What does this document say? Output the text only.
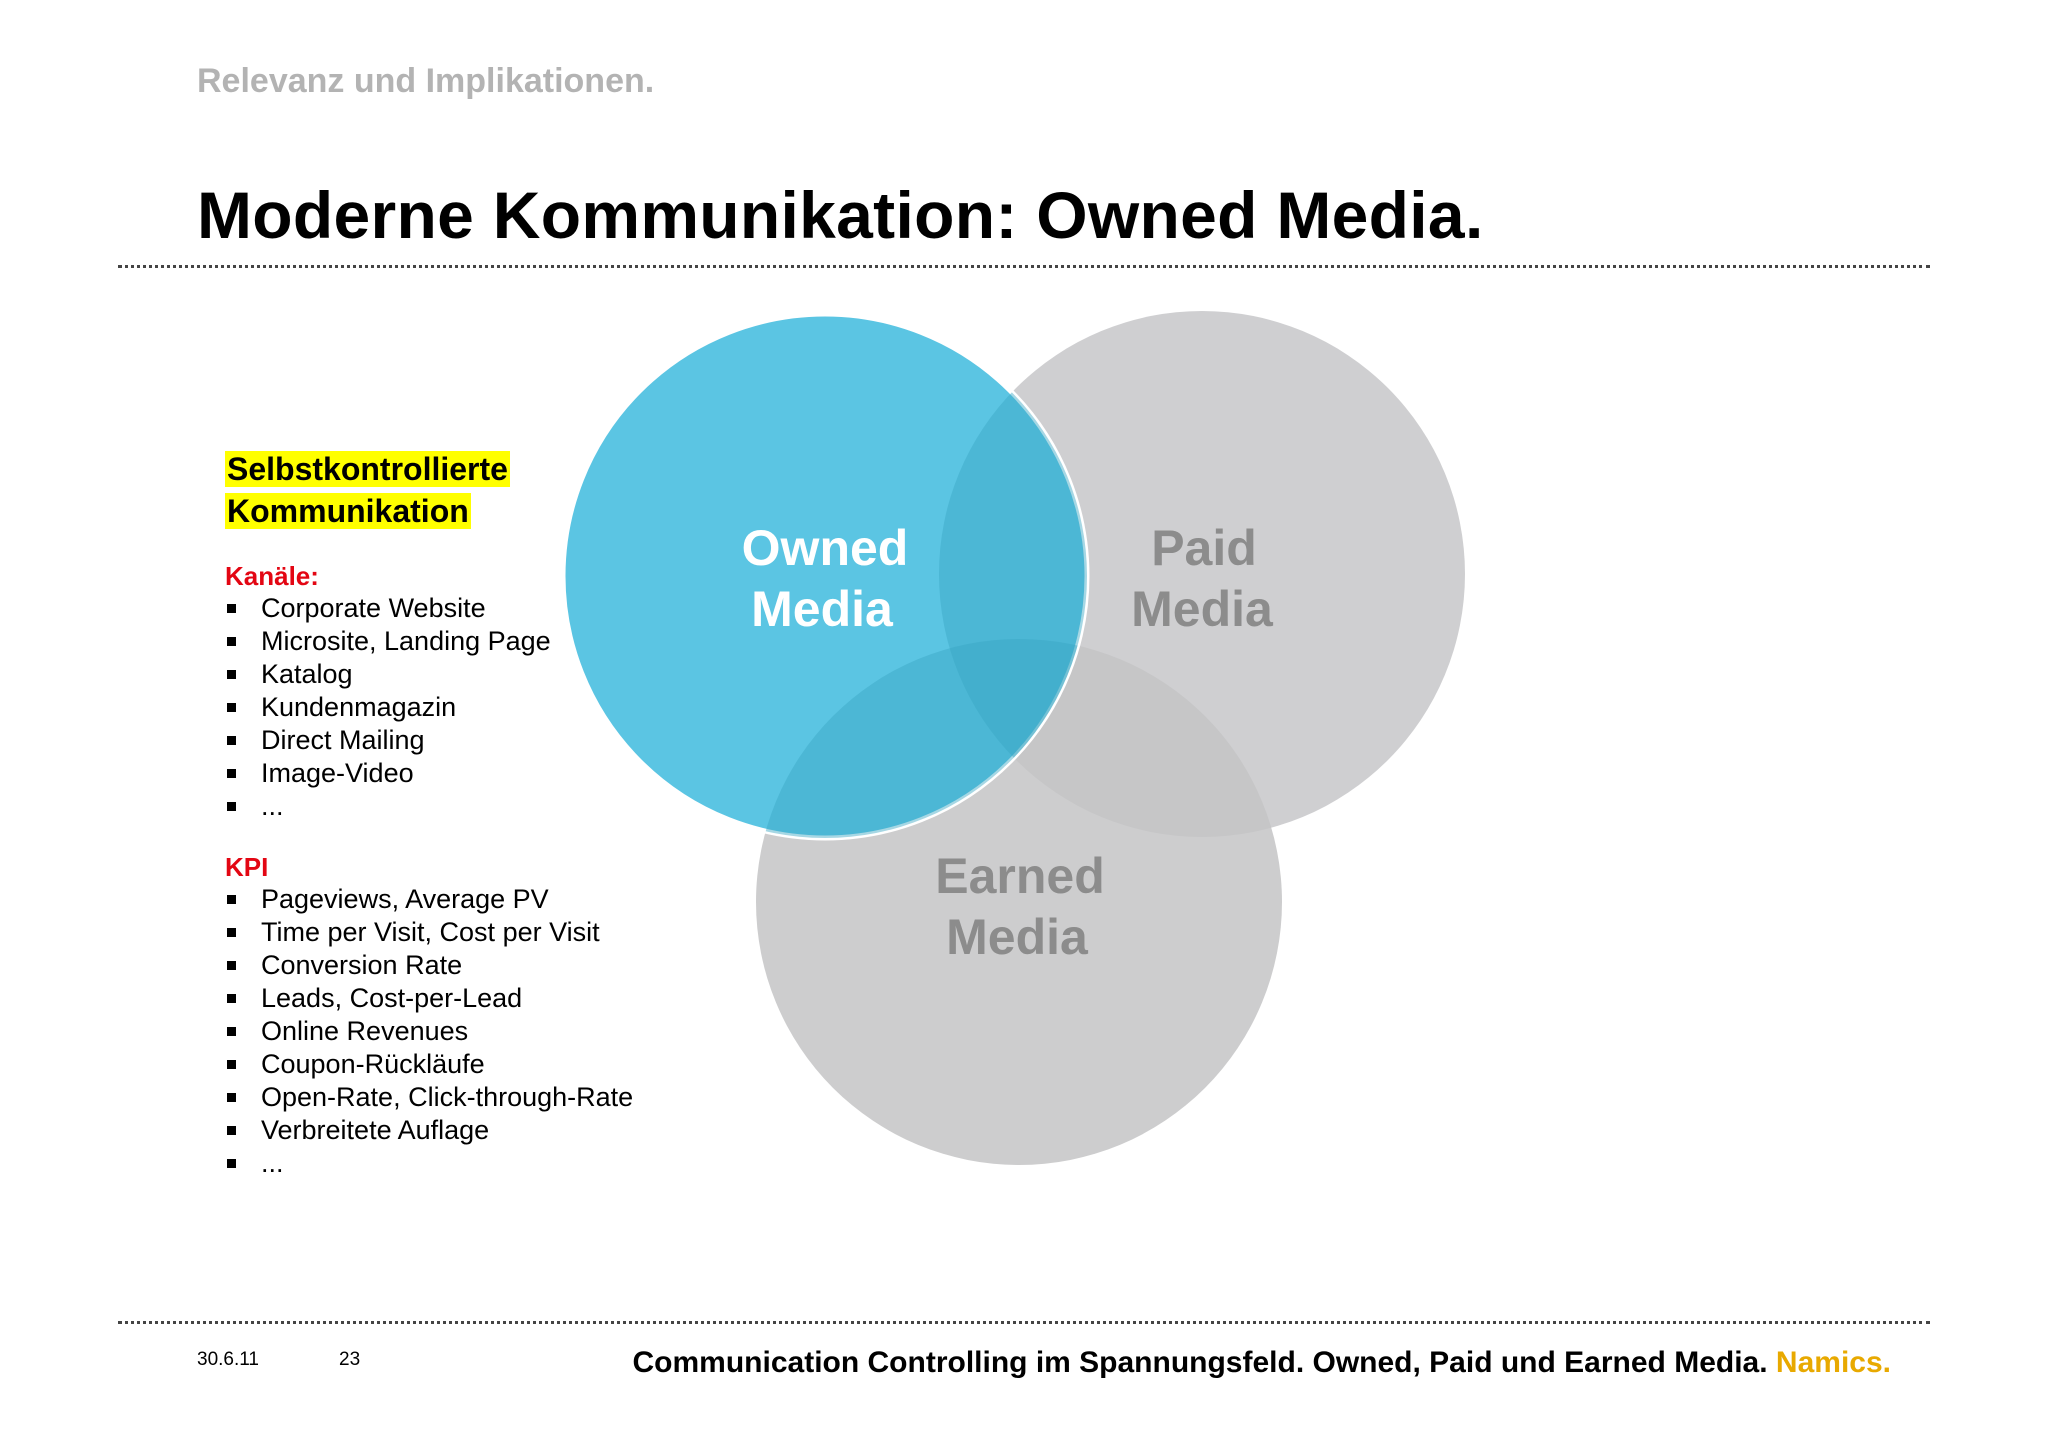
Relevanz und Implikationen.
Moderne Kommunikation: Owned Media.
Selbstkontrollierte
Kommunikation
Kanäle:
Corporate Website
Microsite, Landing Page
Katalog
Kundenmagazin
Direct Mailing
Image-Video
...
KPI
Pageviews, Average PV
Time per Visit, Cost per Visit
Conversion Rate
Leads, Cost-per-Lead
Online Revenues
Coupon-Rückläufe
Open-Rate, Click-through-Rate
Verbreitete Auflage
...
Owned
Media
Paid
Media
Earned
Media
30.6.11	23	Communication Controlling im Spannungsfeld. Owned, Paid und Earned Media. Namics.
